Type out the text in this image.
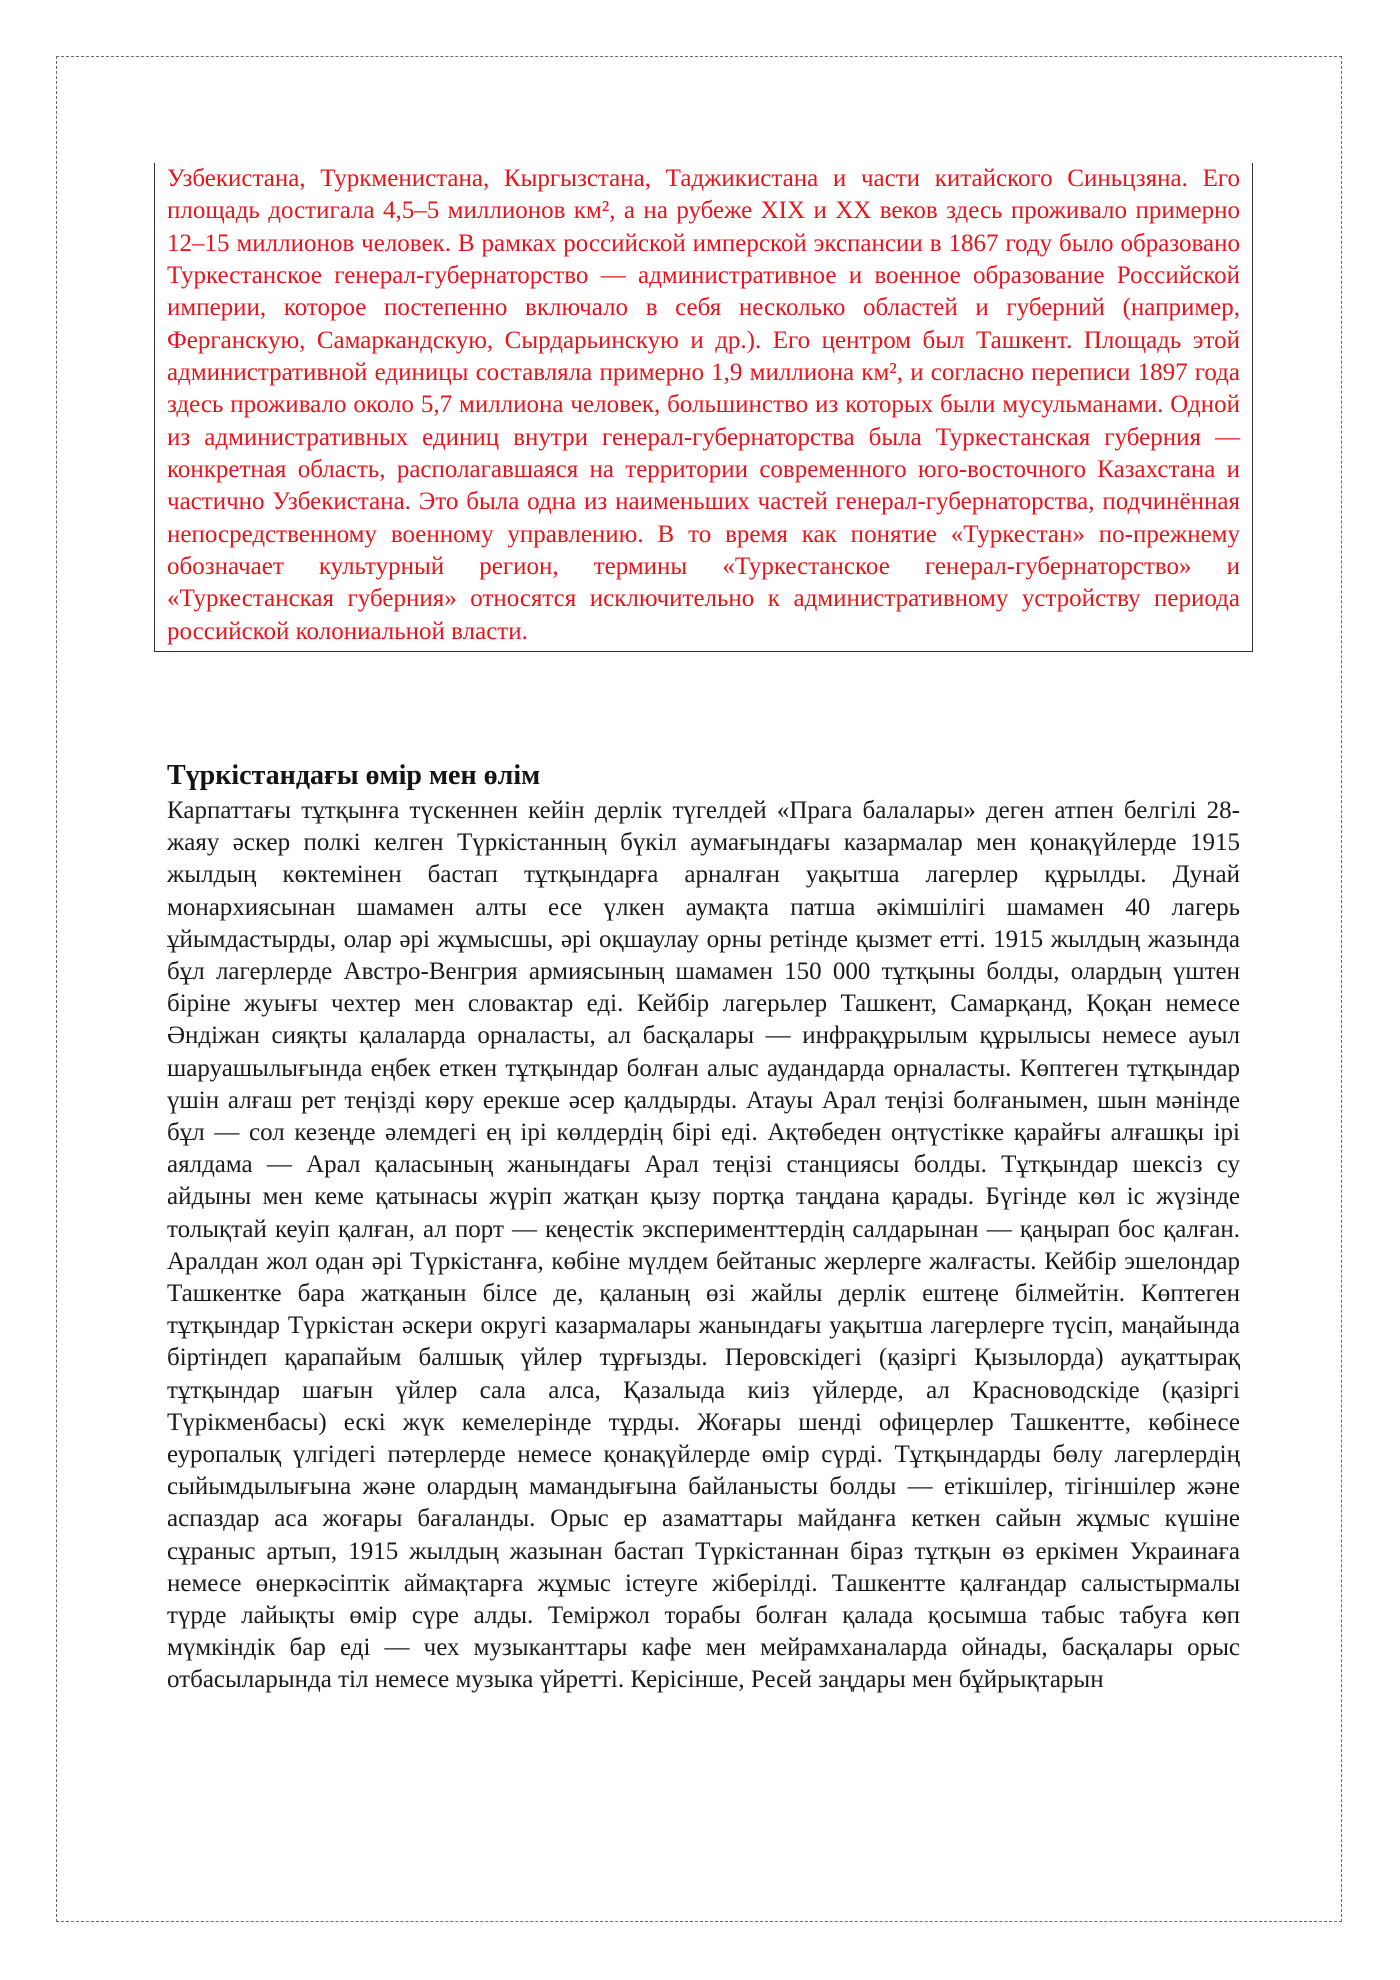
Узбекистана, Туркменистана, Кыргызстана, Таджикистана и части китайского Синьцзяна. Его площадь достигала 4,5–5 миллионов км², а на рубеже XIX и XX веков здесь проживало примерно 12–15 миллионов человек. В рамках российской имперской экспансии в 1867 году было образовано Туркестанское генерал-губернаторство — административное и военное образование Российской империи, которое постепенно включало в себя несколько областей и губерний (например, Ферганскую, Самаркандскую, Сырдарьинскую и др.). Его центром был Ташкент. Площадь этой административной единицы составляла примерно 1,9 миллиона км², и согласно переписи 1897 года здесь проживало около 5,7 миллиона человек, большинство из которых были мусульманами. Одной из административных единиц внутри генерал-губернаторства была Туркестанская губерния — конкретная область, располагавшаяся на территории современного юго-восточного Казахстана и частично Узбекистана. Это была одна из наименьших частей генерал-губернаторства, подчинённая непосредственному военному управлению. В то время как понятие «Туркестан» по-прежнему обозначает культурный регион, термины «Туркестанское генерал-губернаторство» и «Туркестанская губерния» относятся исключительно к административному устройству периода российской колониальной власти.

Түркістандағы өмір мен өлім

Карпаттағы тұтқынға түскеннен кейін дерлік түгелдей «Прага балалары» деген атпен белгілі 28-жаяу әскер полкі келген Түркістанның бүкіл аумағындағы казармалар мен қонақүйлерде 1915 жылдың көктемінен бастап тұтқындарға арналған уақытша лагерлер құрылды. Дунай монархиясынан шамамен алты есе үлкен аумақта патша әкімшілігі шамамен 40 лагерь ұйымдастырды, олар әрі жұмысшы, әрі оқшаулау орны ретінде қызмет етті. 1915 жылдың жазында бұл лагерлерде Австро-Венгрия армиясының шамамен 150 000 тұтқыны болды, олардың үштен біріне жуығы чехтер мен словактар еді. Кейбір лагерьлер Ташкент, Самарқанд, Қоқан немесе Әндіжан сияқты қалаларда орналасты, ал басқалары — инфрақұрылым құрылысы немесе ауыл шаруашылығында еңбек еткен тұтқындар болған алыс аудандарда орналасты. Көптеген тұтқындар үшін алғаш рет теңізді көру ерекше әсер қалдырды. Атауы Арал теңізі болғанымен, шын мәнінде бұл — сол кезеңде әлемдегі ең ірі көлдердің бірі еді. Ақтөбеден оңтүстікке қарайғы алғашқы ірі аялдама — Арал қаласының жанындағы Арал теңізі станциясы болды. Тұтқындар шексіз су айдыны мен кеме қатынасы жүріп жатқан қызу портқа таңдана қарады. Бүгінде көл іс жүзінде толықтай кеуіп қалған, ал порт — кеңестік эксперименттердің салдарынан — қаңырап бос қалған. Аралдан жол одан әрі Түркістанға, көбіне мүлдем бейтаныс жерлерге жалғасты. Кейбір эшелондар Ташкентке бара жатқанын білсе де, қаланың өзі жайлы дерлік ештеңе білмейтін. Көптеген тұтқындар Түркістан әскери округі казармалары жанындағы уақытша лагерлерге түсіп, маңайында біртіндеп қарапайым балшық үйлер тұрғызды. Перовскідегі (қазіргі Қызылорда) ауқаттырақ тұтқындар шағын үйлер сала алса, Қазалыда киіз үйлерде, ал Красноводскіде (қазіргі Түрікменбасы) ескі жүк кемелерінде тұрды. Жоғары шенді офицерлер Ташкентте, көбінесе еуропалық үлгідегі пәтерлерде немесе қонақүйлерде өмір сүрді. Тұтқындарды бөлу лагерлердің сыйымдылығына және олардың мамандығына байланысты болды — етікшілер, тігіншілер және аспаздар аса жоғары бағаланды. Орыс ер азаматтары майданға кеткен сайын жұмыс күшіне сұраныс артып, 1915 жылдың жазынан бастап Түркістаннан біраз тұтқын өз еркімен Украинаға немесе өнеркәсіптік аймақтарға жұмыс істеуге жіберілді. Ташкентте қалғандар салыстырмалы түрде лайықты өмір сүре алды. Теміржол торабы болған қалада қосымша табыс табуға көп мүмкіндік бар еді — чех музыканттары кафе мен мейрамханаларда ойнады, басқалары орыс отбасыларында тіл немесе музыка үйретті. Керісінше, Ресей заңдары мен бұйрықтарын
